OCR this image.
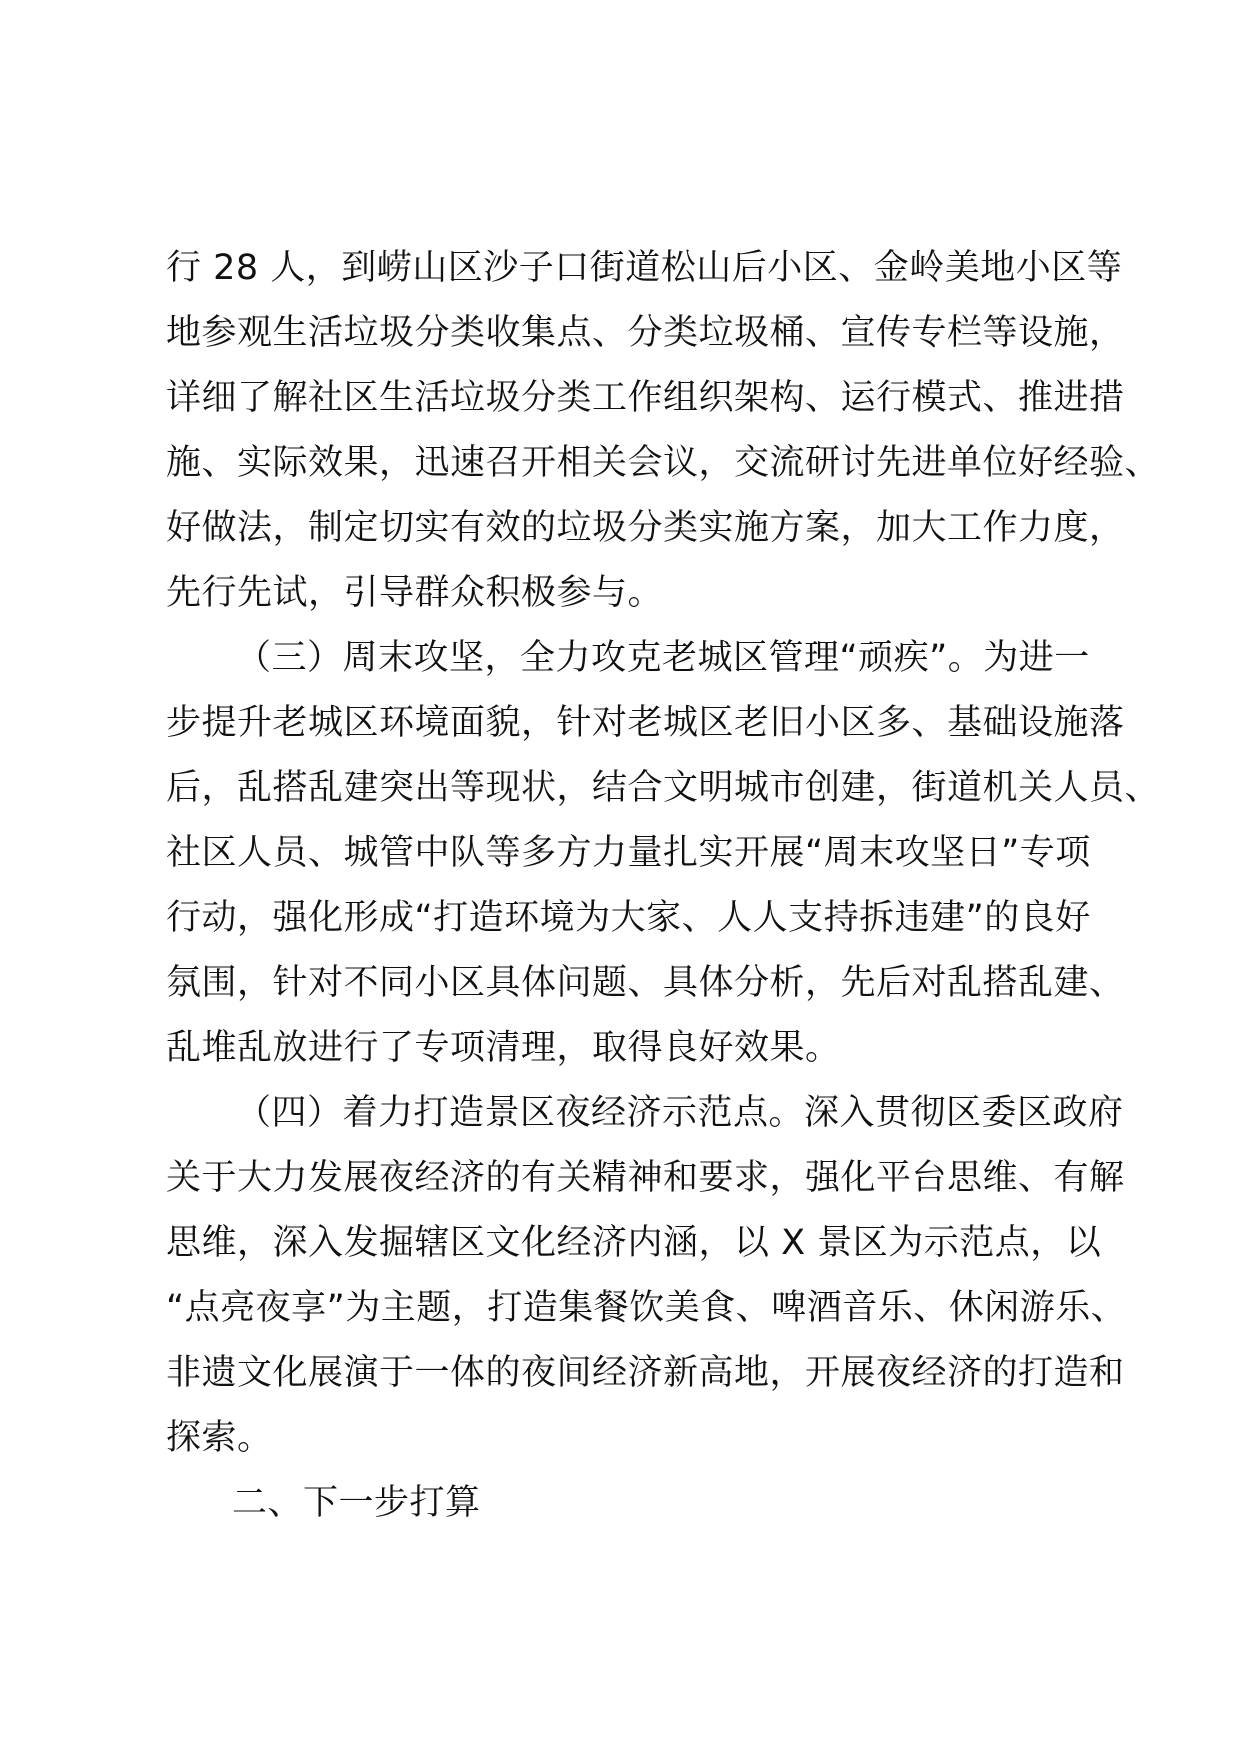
行 28 人，到崂山区沙子口街道松山后小区、金岭美地小区等
地参观生活垃圾分类收集点、分类垃圾桶、宣传专栏等设施，
详细了解社区生活垃圾分类工作组织架构、运行模式、推进措
施、实际效果，迅速召开相关会议，交流研讨先进单位好经验、
好做法，制定切实有效的垃圾分类实施方案，加大工作力度，
先行先试，引导群众积极参与。
（三）周末攻坚，全力攻克老城区管理“顽疾”。为进一
步提升老城区环境面貌，针对老城区老旧小区多、基础设施落
后，乱搭乱建突出等现状，结合文明城市创建，街道机关人员、
社区人员、城管中队等多方力量扎实开展“周末攻坚日”专项
行动，强化形成“打造环境为大家、人人支持拆违建”的良好
氛围，针对不同小区具体问题、具体分析，先后对乱搭乱建、
乱堆乱放进行了专项清理，取得良好效果。
（四）着力打造景区夜经济示范点。深入贯彻区委区政府
关于大力发展夜经济的有关精神和要求，强化平台思维、有解
思维，深入发掘辖区文化经济内涵，以 X 景区为示范点，以
“点亮夜享”为主题，打造集餐饮美食、啤酒音乐、休闲游乐、
非遗文化展演于一体的夜间经济新高地，开展夜经济的打造和
探索。
二、下一步打算
